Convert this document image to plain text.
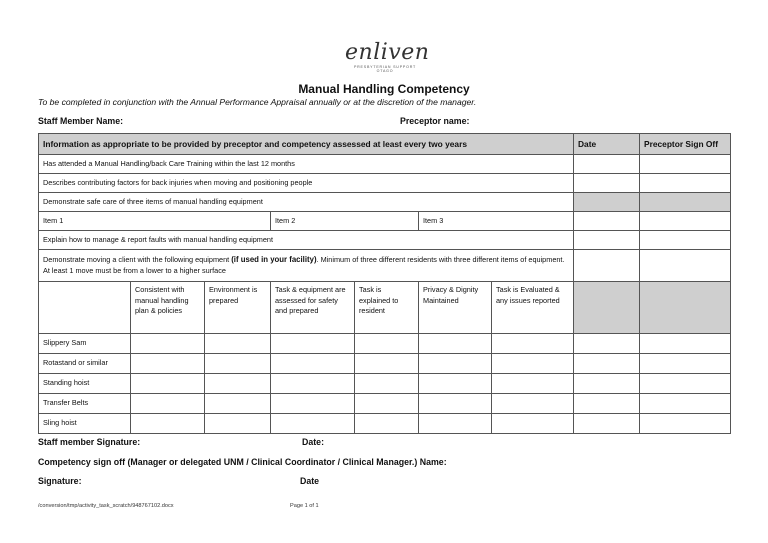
enliven
PRESBYTERIAN SUPPORT OTAGO
Manual Handling Competency
To be completed in conjunction with the Annual Performance Appraisal annually or at the discretion of the manager.
Staff Member Name:	Preceptor name:
Information as appropriate to be provided by preceptor and competency assessed at least every two years							Date	Preceptor Sign Off
Has attended a Manual Handling/back Care Training within the last 12 months								
Describes contributing factors for back injuries when moving and positioning people								
Demonstrate safe care of three items of manual handling equipment								
Item 1			Item 2		Item 3			
Explain how to manage & report faults with manual handling equipment								
Demonstrate moving a client with the following equipment (if used in your facility). Minimum of three different residents with three different items of equipment. At least 1 move must be from a lower to a higher surface								
	Consistent with manual handling plan & policies	Environment is prepared	Task & equipment are assessed for safety and prepared	Task is explained to resident	Privacy & Dignity Maintained	Task is Evaluated & any issues reported		
Slippery Sam								
Rotastand or similar								
Standing hoist								
Transfer Belts								
Sling hoist								
Staff member Signature:	Date:
Competency sign off (Manager or delegated UNM / Clinical Coordinator / Clinical Manager.) Name:
Signature:	Date
/conversion/tmp/activity_task_scratch/948767102.docx	Page 1 of 1
